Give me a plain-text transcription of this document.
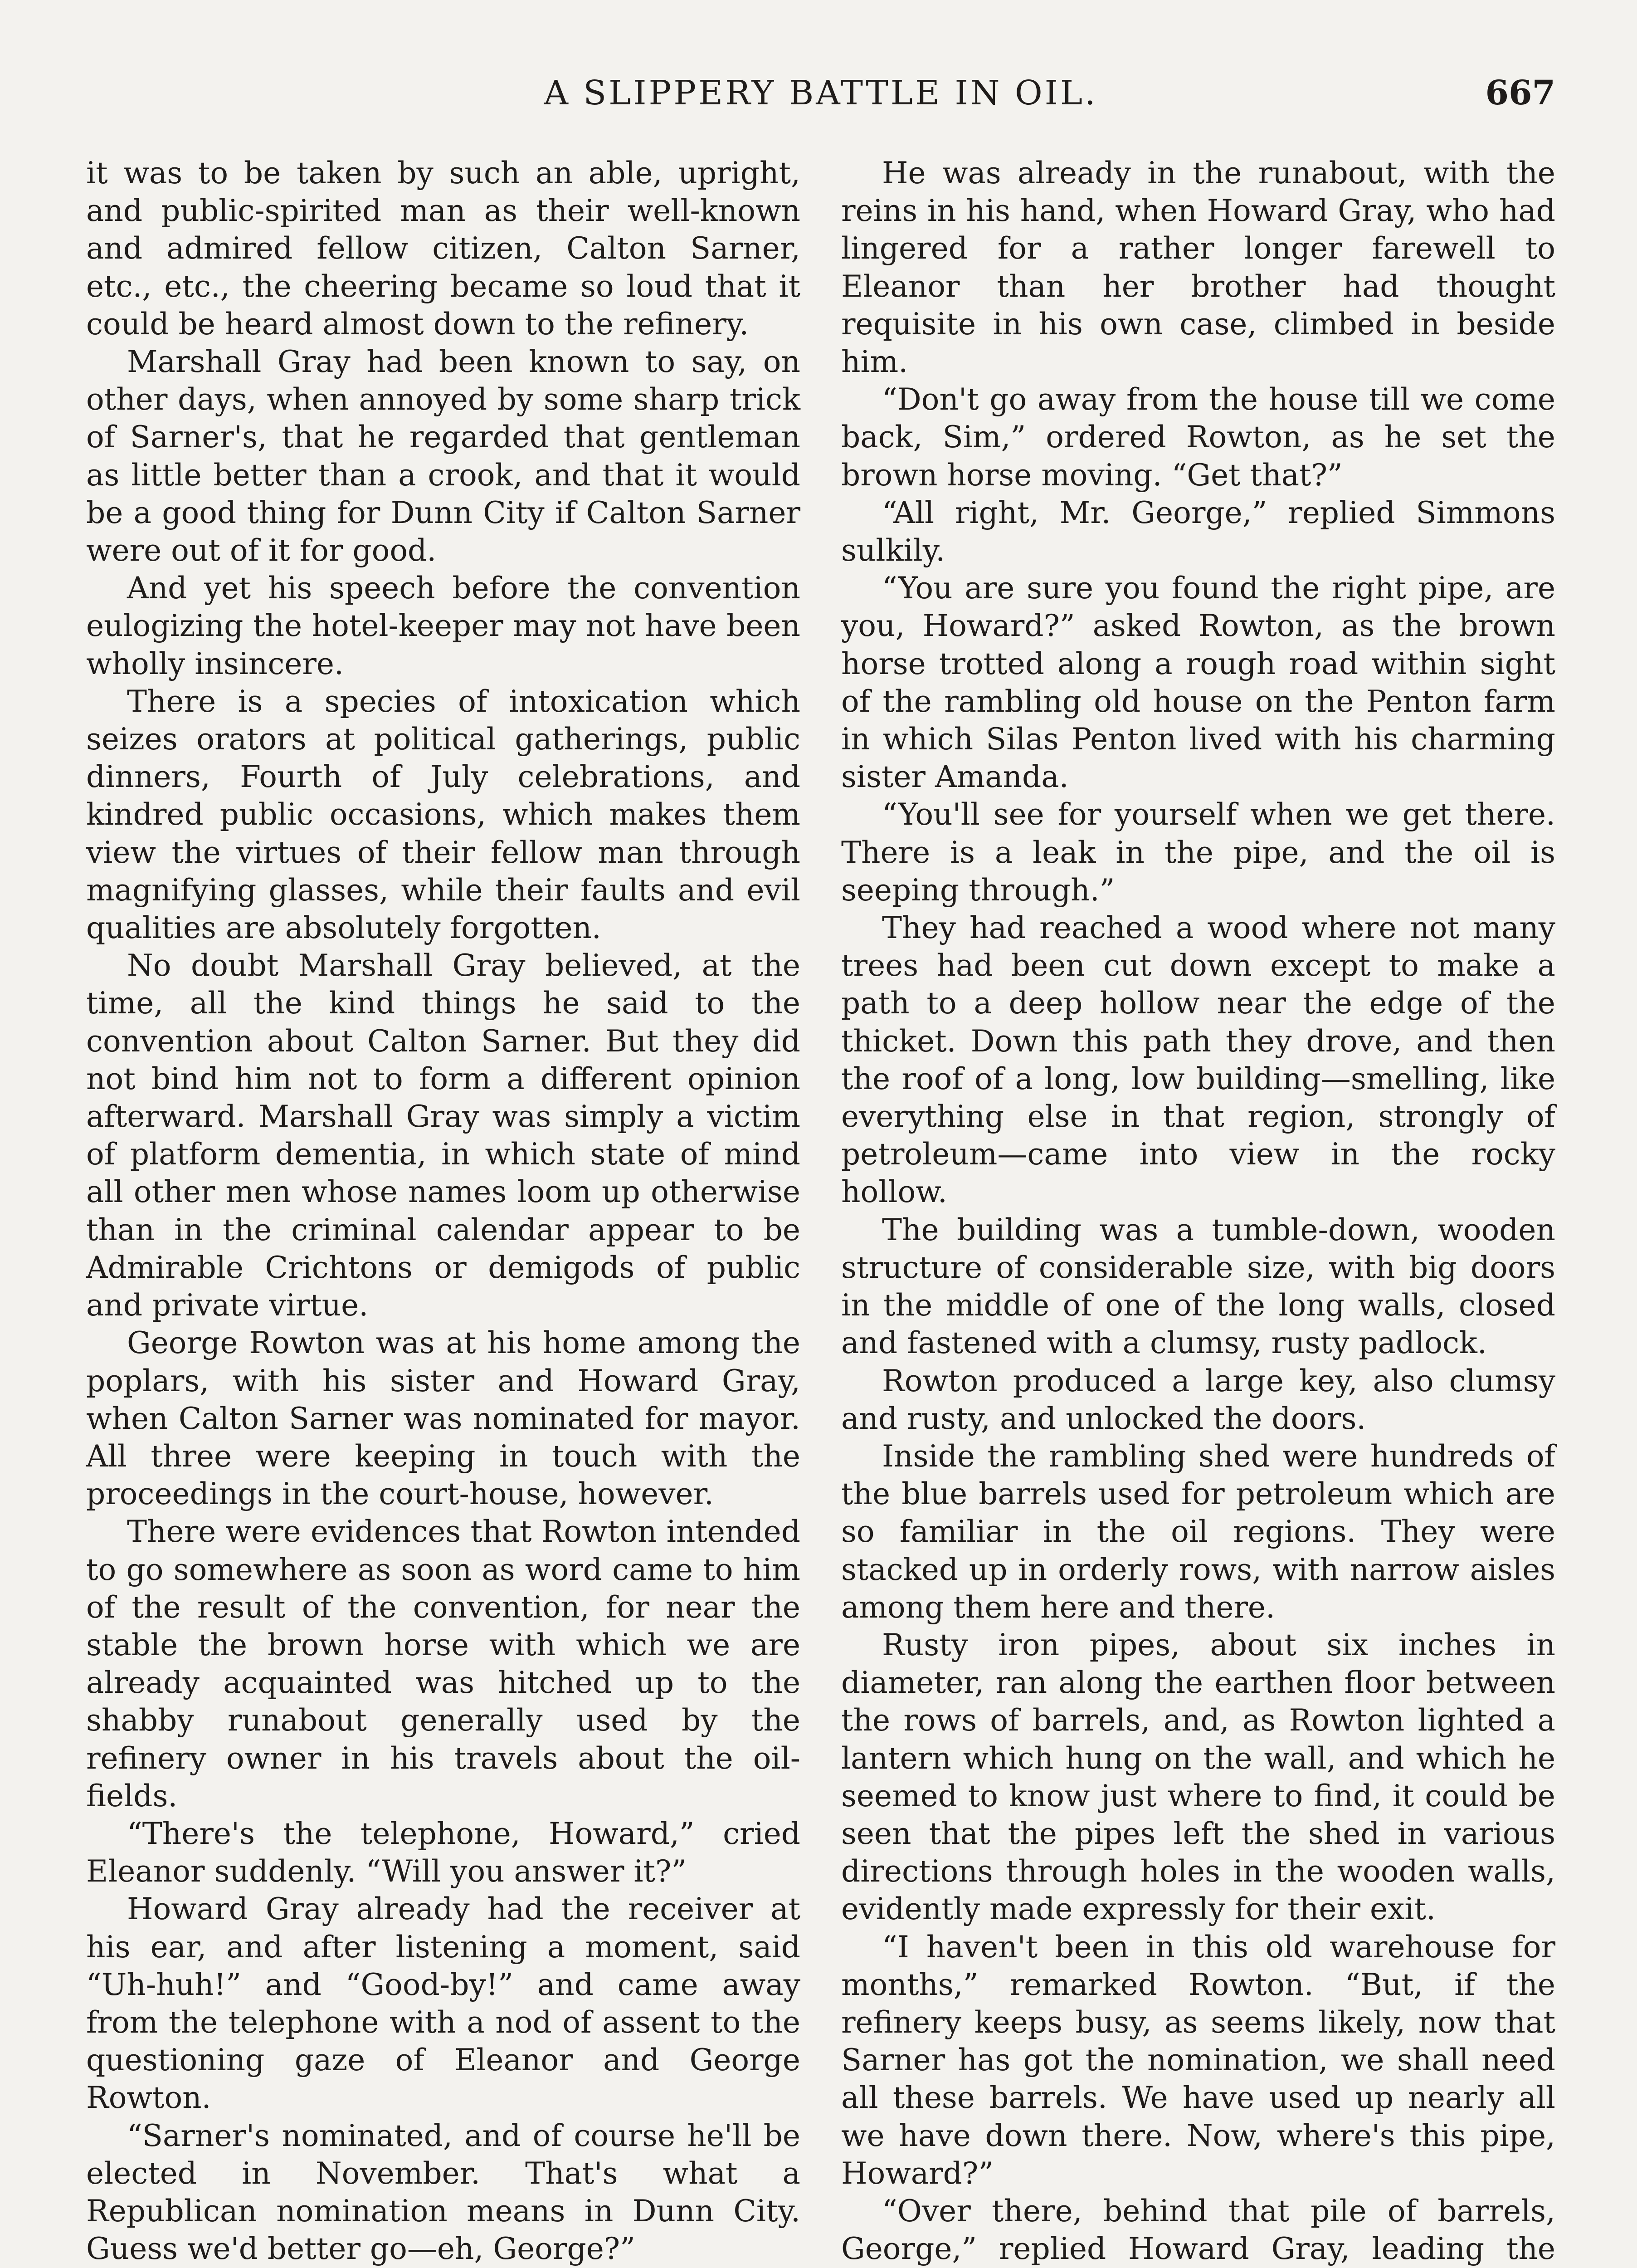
A SLIPPERY BATTLE IN OIL.	667

it was to be taken by such an able, upright, and public-spirited man as their well-known and admired fellow citizen, Calton Sarner, etc., etc., the cheering became so loud that it could be heard almost down to the refinery.

Marshall Gray had been known to say, on other days, when annoyed by some sharp trick of Sarner's, that he regarded that gentleman as little better than a crook, and that it would be a good thing for Dunn City if Calton Sarner were out of it for good.

And yet his speech before the convention eulogizing the hotel-keeper may not have been wholly insincere.

There is a species of intoxication which seizes orators at political gatherings, public dinners, Fourth of July celebrations, and kindred public occasions, which makes them view the virtues of their fellow man through magnifying glasses, while their faults and evil qualities are absolutely forgotten.

No doubt Marshall Gray believed, at the time, all the kind things he said to the convention about Calton Sarner. But they did not bind him not to form a different opinion afterward. Marshall Gray was simply a victim of platform dementia, in which state of mind all other men whose names loom up otherwise than in the criminal calendar appear to be Admirable Crichtons or demigods of public and private virtue.

George Rowton was at his home among the poplars, with his sister and Howard Gray, when Calton Sarner was nominated for mayor. All three were keeping in touch with the proceedings in the court-house, however.

There were evidences that Rowton intended to go somewhere as soon as word came to him of the result of the convention, for near the stable the brown horse with which we are already acquainted was hitched up to the shabby runabout generally used by the refinery owner in his travels about the oil-fields.

“There's the telephone, Howard,” cried Eleanor suddenly. “Will you answer it?”

Howard Gray already had the receiver at his ear, and after listening a moment, said “Uh-huh!” and “Good-by!” and came away from the telephone with a nod of assent to the questioning gaze of Eleanor and George Rowton.

“Sarner's nominated, and of course he'll be elected in November. That's what a Republican nomination means in Dunn City. Guess we'd better go—eh, George?”

He was already in the runabout, with the reins in his hand, when Howard Gray, who had lingered for a rather longer farewell to Eleanor than her brother had thought requisite in his own case, climbed in beside him.

“Don't go away from the house till we come back, Sim,” ordered Rowton, as he set the brown horse moving. “Get that?”

“All right, Mr. George,” replied Simmons sulkily.

“You are sure you found the right pipe, are you, Howard?” asked Rowton, as the brown horse trotted along a rough road within sight of the rambling old house on the Penton farm in which Silas Penton lived with his charming sister Amanda.

“You'll see for yourself when we get there. There is a leak in the pipe, and the oil is seeping through.”

They had reached a wood where not many trees had been cut down except to make a path to a deep hollow near the edge of the thicket. Down this path they drove, and then the roof of a long, low building—smelling, like everything else in that region, strongly of petroleum—came into view in the rocky hollow.

The building was a tumble-down, wooden structure of considerable size, with big doors in the middle of one of the long walls, closed and fastened with a clumsy, rusty padlock.

Rowton produced a large key, also clumsy and rusty, and unlocked the doors.

Inside the rambling shed were hundreds of the blue barrels used for petroleum which are so familiar in the oil regions. They were stacked up in orderly rows, with narrow aisles among them here and there.

Rusty iron pipes, about six inches in diameter, ran along the earthen floor between the rows of barrels, and, as Rowton lighted a lantern which hung on the wall, and which he seemed to know just where to find, it could be seen that the pipes left the shed in various directions through holes in the wooden walls, evidently made expressly for their exit.

“I haven't been in this old warehouse for months,” remarked Rowton. “But, if the refinery keeps busy, as seems likely, now that Sarner has got the nomination, we shall need all these barrels. We have used up nearly all we have down there. Now, where's this pipe, Howard?”

“Over there, behind that pile of barrels, George,” replied Howard Gray, leading the
